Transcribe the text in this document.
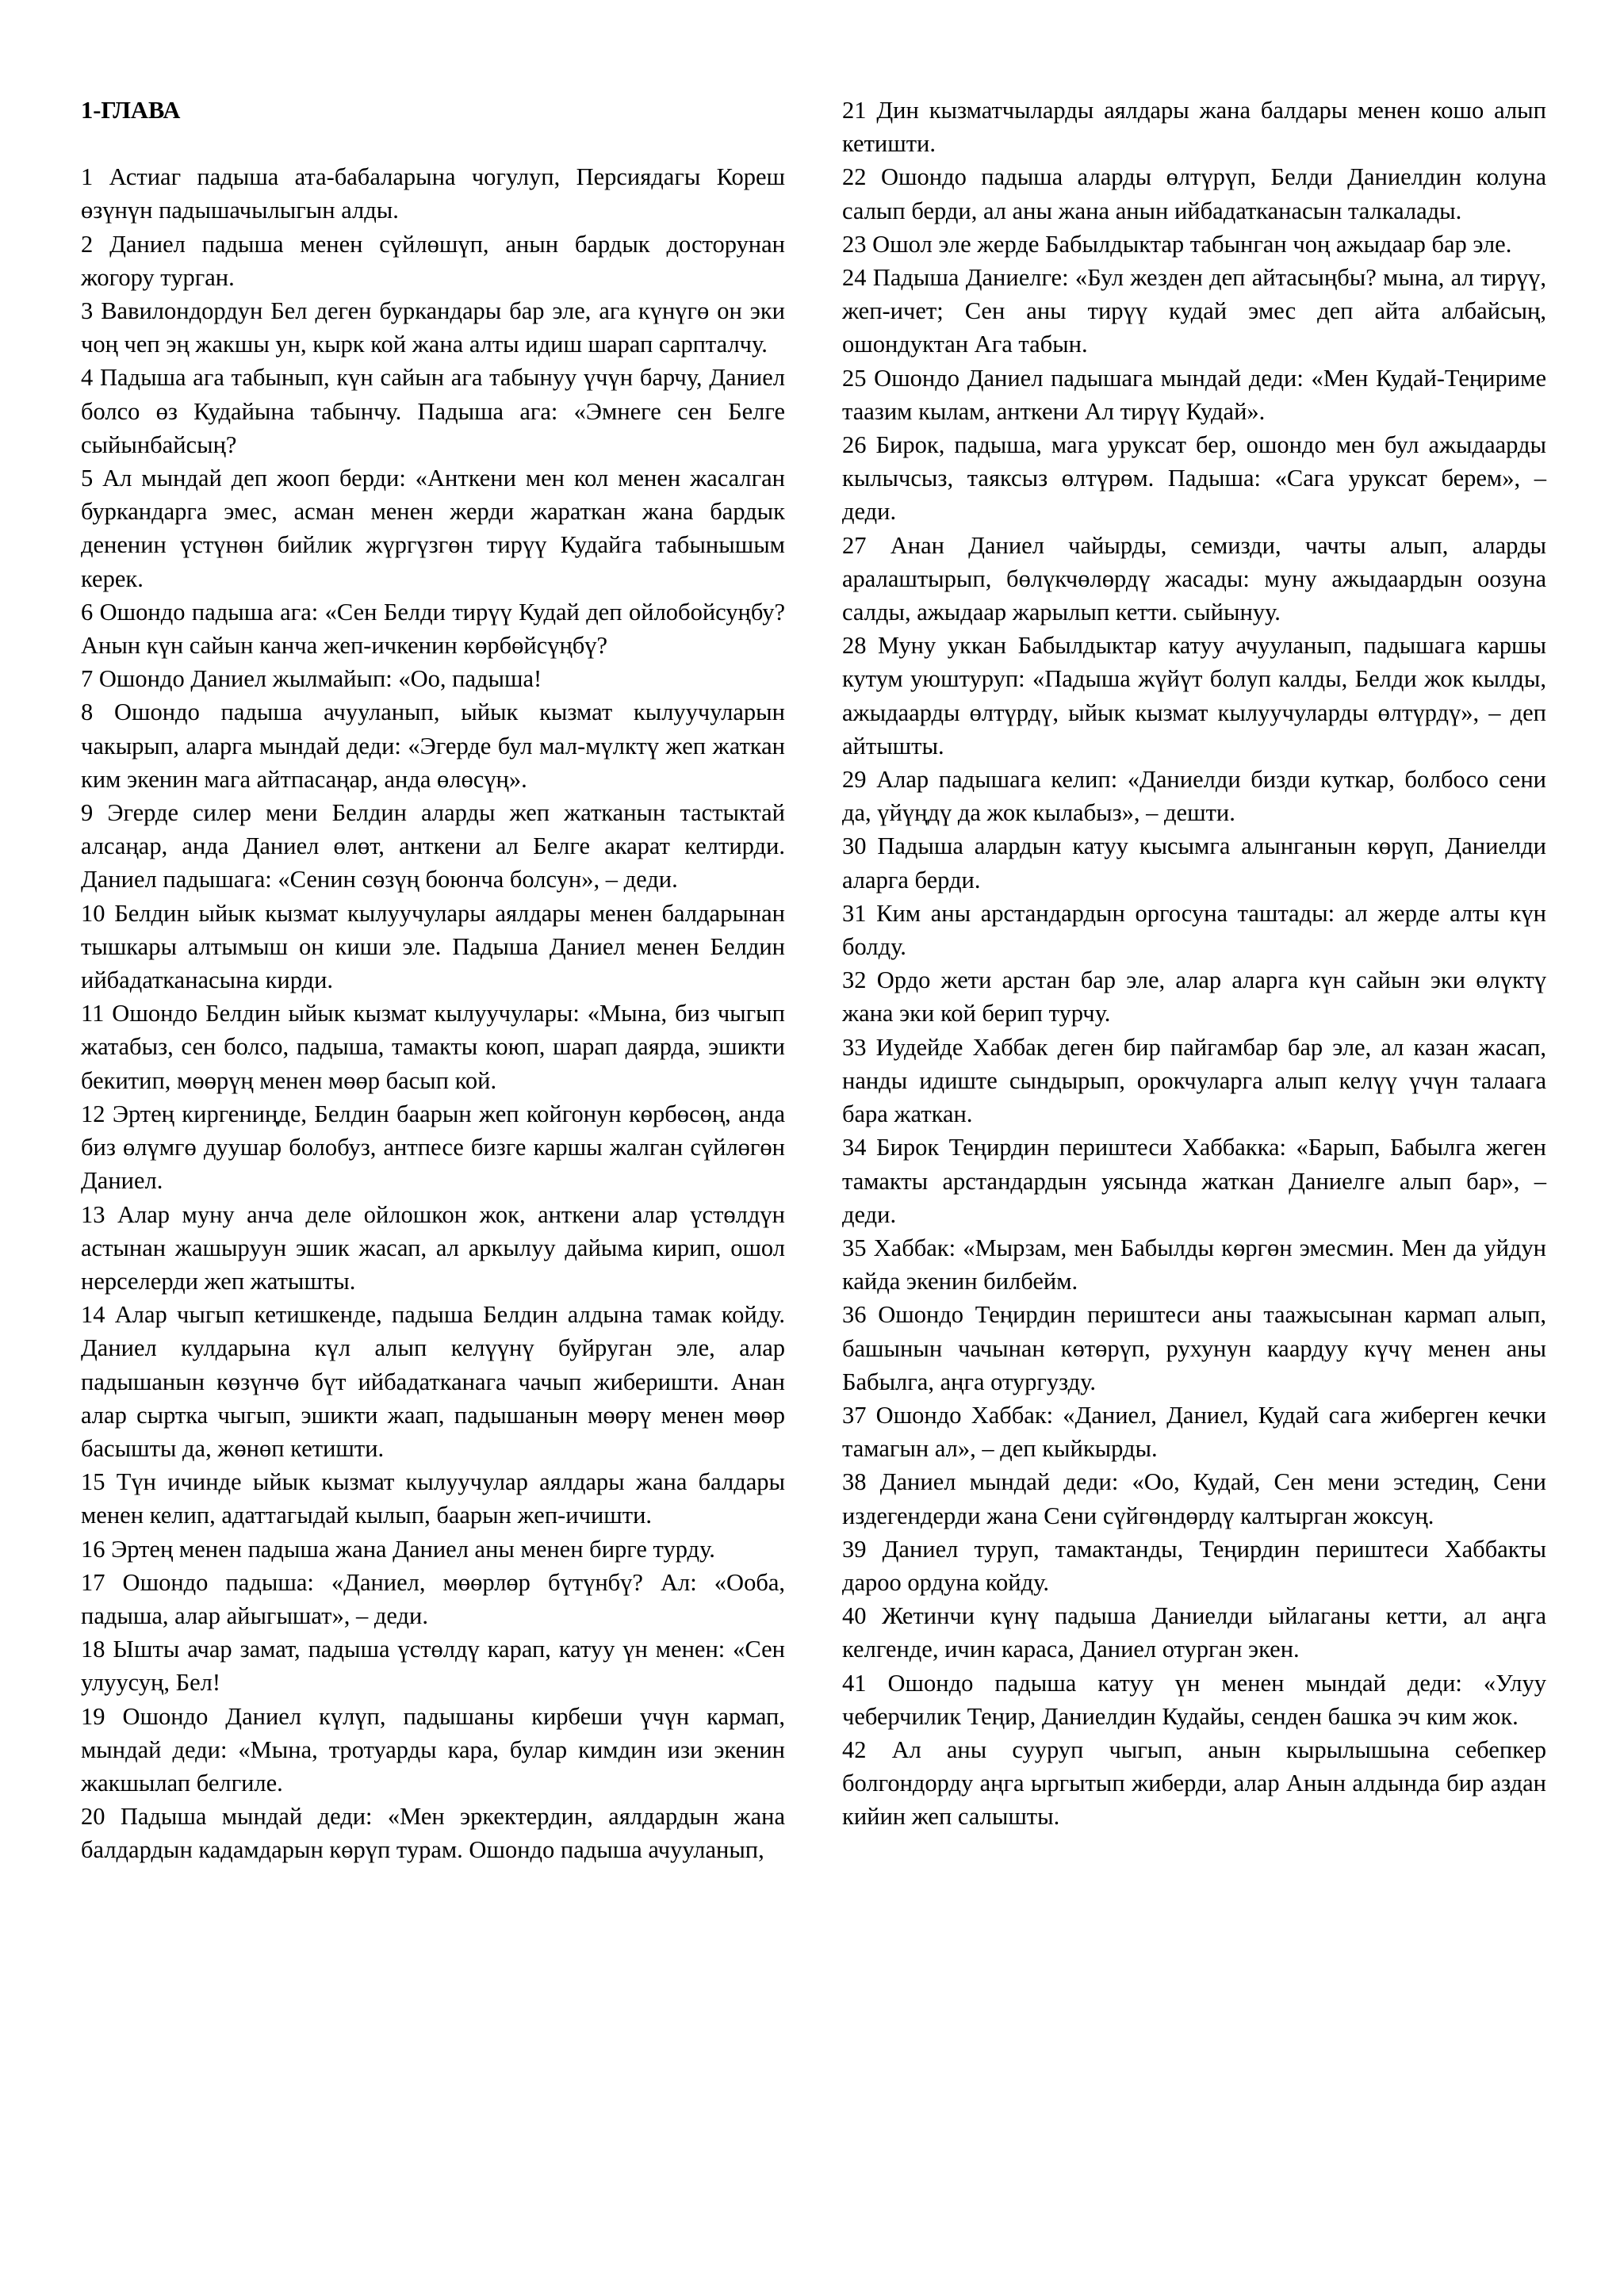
1-ГЛАВА

1 Астиаг падыша ата-бабаларына чогулуп, Персиядагы Кореш өзүнүн падышачылыгын алды.

2 Даниел падыша менен сүйлөшүп, анын бардык досторунан жогору турган.

3 Вавилондордун Бел деген буркандары бар эле, ага күнүгө он эки чоң чеп эң жакшы ун, кырк кой жана алты идиш шарап сарпталчу.

4 Падыша ага табынып, күн сайын ага табынуу үчүн барчу, Даниел болсо өз Кудайына табынчу. Падыша ага: «Эмнеге сен Белге сыйынбайсың?

5 Ал мындай деп жооп берди: «Анткени мен кол менен жасалган буркандарга эмес, асман менен жерди жараткан жана бардык дененин үстүнөн бийлик жүргүзгөн тирүү Кудайга табынышым керек.

6 Ошондо падыша ага: «Сен Белди тирүү Кудай деп ойлобойсуңбу? Анын күн сайын канча жеп-ичкенин көрбөйсүңбү?

7 Ошондо Даниел жылмайып: «Оо, падыша!

8 Ошондо падыша ачууланып, ыйык кызмат кылуучуларын чакырып, аларга мындай деди: «Эгерде бул мал-мүлктү жеп жаткан ким экенин мага айтпасаңар, анда өлөсүң».

9 Эгерде силер мени Белдин аларды жеп жатканын тастыктай алсаңар, анда Даниел өлөт, анткени ал Белге акарат келтирди. Даниел падышага: «Сенин сөзүң боюнча болсун», – деди.

10 Белдин ыйык кызмат кылуучулары аялдары менен балдарынан тышкары алтымыш он киши эле. Падыша Даниел менен Белдин ийбадатканасына кирди.

11 Ошондо Белдин ыйык кызмат кылуучулары: «Мына, биз чыгып жатабыз, сен болсо, падыша, тамакты коюп, шарап даярда, эшикти бекитип, мөөрүң менен мөөр басып кой.

12 Эртең киргениңде, Белдин баарын жеп койгонун көрбөсөң, анда биз өлүмгө дуушар болобуз, антпесе бизге каршы жалган сүйлөгөн Даниел.

13 Алар муну анча деле ойлошкон жок, анткени алар үстөлдүн астынан жашыруун эшик жасап, ал аркылуу дайыма кирип, ошол нерселерди жеп жатышты.

14 Алар чыгып кетишкенде, падыша Белдин алдына тамак койду. Даниел кулдарына күл алып келүүнү буйруган эле, алар падышанын көзүнчө бүт ийбадатканага чачып жиберишти. Анан алар сыртка чыгып, эшикти жаап, падышанын мөөрү менен мөөр басышты да, жөнөп кетишти.

15 Түн ичинде ыйык кызмат кылуучулар аялдары жана балдары менен келип, адаттагыдай кылып, баарын жеп-ичишти.

16 Эртең менен падыша жана Даниел аны менен бирге турду.

17 Ошондо падыша: «Даниел, мөөрлөр бүтүнбү? Ал: «Ооба, падыша, алар айыгышат», – деди.

18 Ышты ачар замат, падыша үстөлдү карап, катуу үн менен: «Сен улуусуң, Бел!

19 Ошондо Даниел күлүп, падышаны кирбеши үчүн кармап, мындай деди: «Мына, тротуарды кара, булар кимдин изи экенин жакшылап белгиле.

20 Падыша мындай деди: «Мен эркектердин, аялдардын жана балдардын кадамдарын көрүп турам. Ошондо падыша ачууланып,

21 Дин кызматчыларды аялдары жана балдары менен кошо алып кетишти.

22 Ошондо падыша аларды өлтүрүп, Белди Даниелдин колуна салып берди, ал аны жана анын ийбадатканасын талкалады.

23 Ошол эле жерде Бабылдыктар табынган чоң ажыдаар бар эле.

24 Падыша Даниелге: «Бул жезден деп айтасыңбы? мына, ал тирүү, жеп-ичет; Сен аны тирүү кудай эмес деп айта албайсың, ошондуктан Ага табын.

25 Ошондо Даниел падышага мындай деди: «Мен Кудай-Теңириме таазим кылам, анткени Ал тирүү Кудай».

26 Бирок, падыша, мага уруксат бер, ошондо мен бул ажыдаарды кылычсыз, таяксыз өлтүрөм. Падыша: «Сага уруксат берем», – деди.

27 Анан Даниел чайырды, семизди, чачты алып, аларды аралаштырып, бөлүкчөлөрдү жасады: муну ажыдаардын оозуна салды, ажыдаар жарылып кетти. сыйынуу.

28 Муну уккан Бабылдыктар катуу ачууланып, падышага каршы кутум уюштуруп: «Падыша жүйүт болуп калды, Белди жок кылды, ажыдаарды өлтүрдү, ыйык кызмат кылуучуларды өлтүрдү», – деп айтышты.

29 Алар падышага келип: «Даниелди бизди куткар, болбосо сени да, үйүңдү да жок кылабыз», – дешти.

30 Падыша алардын катуу кысымга алынганын көрүп, Даниелди аларга берди.

31 Ким аны арстандардын оргосуна таштады: ал жерде алты күн болду.

32 Ордо жети арстан бар эле, алар аларга күн сайын эки өлүктү жана эки кой берип турчу.

33 Иудейде Хаббак деген бир пайгамбар бар эле, ал казан жасап, нанды идиште сындырып, орокчуларга алып келүү үчүн талаага бара жаткан.

34 Бирок Теңирдин периштеси Хаббакка: «Барып, Бабылга жеген тамакты арстандардын уясында жаткан Даниелге алып бар», – деди.

35 Хаббак: «Мырзам, мен Бабылды көргөн эмесмин. Мен да уйдун кайда экенин билбейм.

36 Ошондо Теңирдин периштеси аны таажысынан кармап алып, башынын чачынан көтөрүп, рухунун каардуу күчү менен аны Бабылга, аңга отургузду.

37 Ошондо Хаббак: «Даниел, Даниел, Кудай сага жиберген кечки тамагын ал», – деп кыйкырды.

38 Даниел мындай деди: «Оо, Кудай, Сен мени эстедиң, Сени издегендерди жана Сени сүйгөндөрдү калтырган жоксуң.

39 Даниел туруп, тамактанды, Теңирдин периштеси Хаббакты дароо ордуна койду.

40 Жетинчи күнү падыша Даниелди ыйлаганы кетти, ал аңга келгенде, ичин караса, Даниел отурган экен.

41 Ошондо падыша катуу үн менен мындай деди: «Улуу чеберчилик Теңир, Даниелдин Кудайы, сенден башка эч ким жок.

42 Ал аны сууруп чыгып, анын кырылышына себепкер болгондорду аңга ыргытып жиберди, алар Анын алдында бир аздан кийин жеп салышты.
